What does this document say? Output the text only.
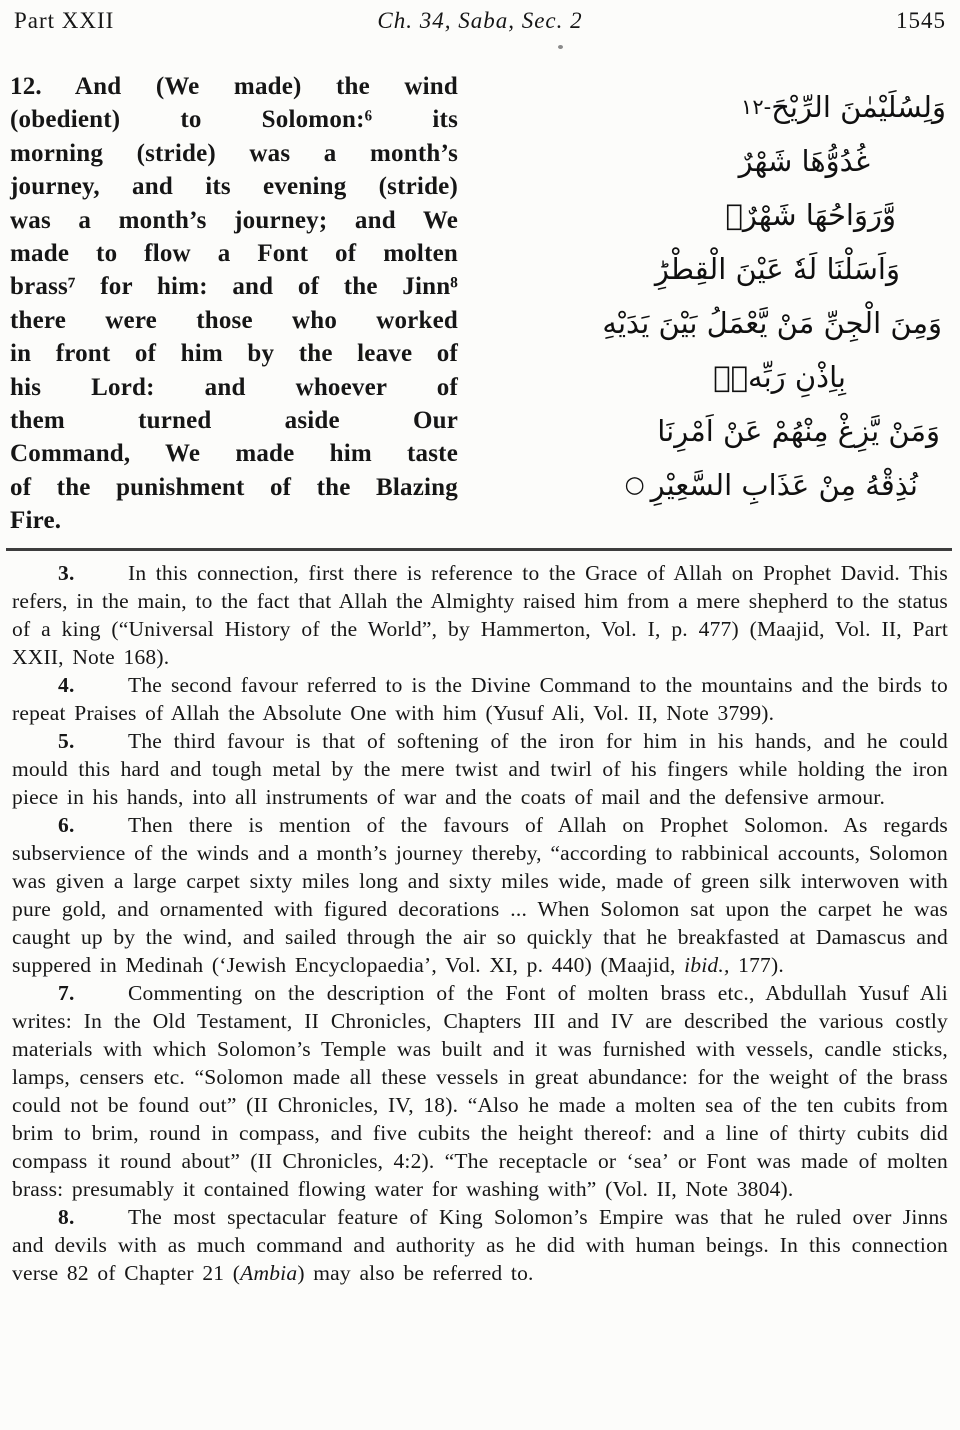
Part XXII	Ch. 34, Saba, Sec. 2	1545
12. And (We made) the wind
(obedient) to Solomon:⁶ its
morning (stride) was a month’s
journey, and its evening (stride)
was a month’s journey; and We
made to flow a Font of molten
brass⁷ for him: and of the Jinn⁸
there were those who worked
in front of him by the leave of
his Lord: and whoever of
them turned aside Our
Command, We made him taste
of the punishment of the Blazing
Fire.
۱۲- وَلِسُلَيْمٰنَ الرِّيْحَ
غُدُوُّهَا شَهْرٌ
وَّرَوَاحُهَا شَهْرٌۚ
وَاَسَلْنَا لَهٗ عَيْنَ الْقِطْرِؕ
وَمِنَ الْجِنِّ مَنْ يَّعْمَلُ بَيْنَ يَدَيْهِ
بِاِذْنِ رَبِّهٖۚ
وَمَنْ يَّزِغْ مِنْهُمْ عَنْ اَمْرِنَا
○ نُذِقْهُ مِنْ عَذَابِ السَّعِيْرِ

3. In this connection, first there is reference to the Grace of Allah on Prophet David. This refers, in the main, to the fact that Allah the Almighty raised him from a mere shepherd to the status of a king (“Universal History of the World”, by Hammerton, Vol. I, p. 477) (Maajid, Vol. II, Part XXII, Note 168).

4. The second favour referred to is the Divine Command to the mountains and the birds to repeat Praises of Allah the Absolute One with him (Yusuf Ali, Vol. II, Note 3799).

5. The third favour is that of softening of the iron for him in his hands, and he could mould this hard and tough metal by the mere twist and twirl of his fingers while holding the iron piece in his hands, into all instruments of war and the coats of mail and the defensive armour.

6. Then there is mention of the favours of Allah on Prophet Solomon. As regards subservience of the winds and a month’s journey thereby, “according to rabbinical accounts, Solomon was given a large carpet sixty miles long and sixty miles wide, made of green silk interwoven with pure gold, and ornamented with figured decorations ... When Solomon sat upon the carpet he was caught up by the wind, and sailed through the air so quickly that he breakfasted at Damascus and suppered in Medinah (‘Jewish Encyclopaedia’, Vol. XI, p. 440) (Maajid, ibid., 177).

7. Commenting on the description of the Font of molten brass etc., Abdullah Yusuf Ali writes: In the Old Testament, II Chronicles, Chapters III and IV are described the various costly materials with which Solomon’s Temple was built and it was furnished with vessels, candle sticks, lamps, censers etc. “Solomon made all these vessels in great abundance: for the weight of the brass could not be found out” (II Chronicles, IV, 18). “Also he made a molten sea of the ten cubits from brim to brim, round in compass, and five cubits the height thereof: and a line of thirty cubits did compass it round about” (II Chronicles, 4:2). “The receptacle or ‘sea’ or Font was made of molten brass: presumably it contained flowing water for washing with” (Vol. II, Note 3804).

8. The most spectacular feature of King Solomon’s Empire was that he ruled over Jinns and devils with as much command and authority as he did with human beings. In this connection verse 82 of Chapter 21 (Ambia) may also be referred to.
